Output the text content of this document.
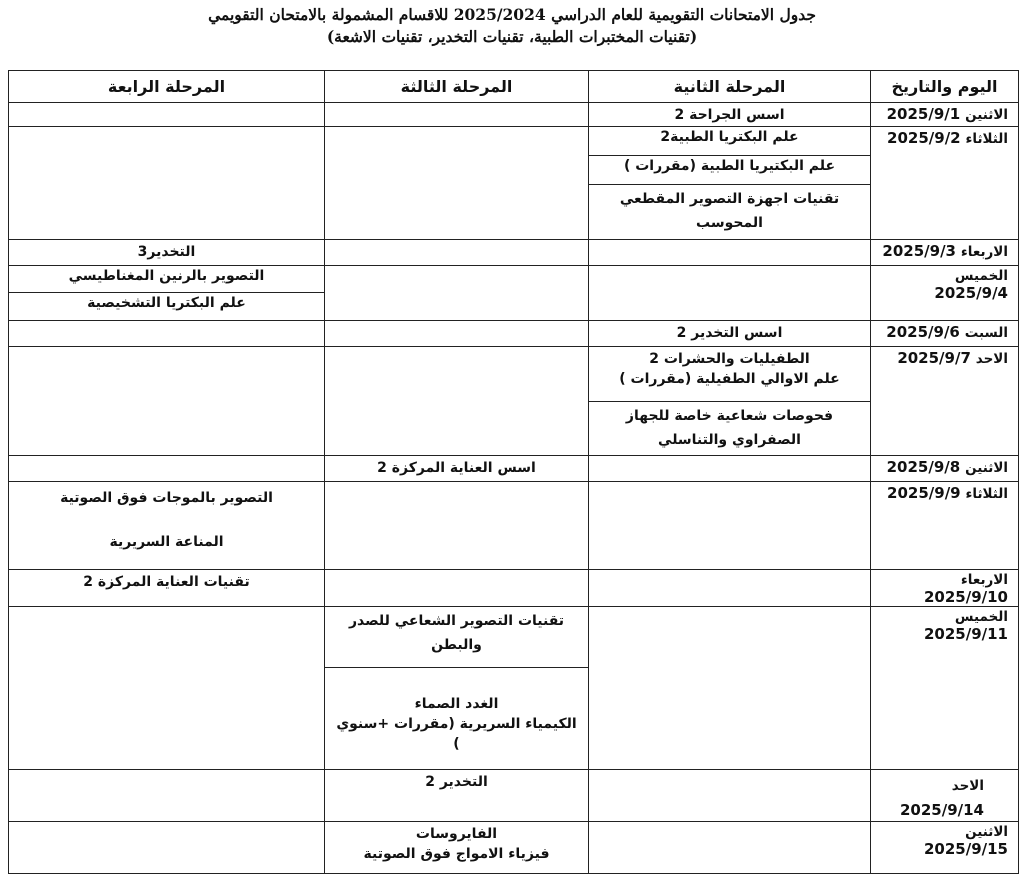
جدول الامتحانات التقويمية للعام الدراسي 2025/2024 للاقسام المشمولة بالامتحان التقويمي
(تقنيات المختبرات الطبية، تقنيات التخدير، تقنيات الاشعة)
اليوم والتاريخ	المرحلة الثانية	المرحلة الثالثة	المرحلة الرابعة
الاثنين 2025/9/1	اسس الجراحة 2		

الثلاثاء 2025/9/2	علم البكتريا الطبية2
علم البكتيريا الطبية (مقررات )
تقنيات اجهزة التصوير المقطعي المحوسب		

الاربعاء 2025/9/3			التخدير3

الخميس 2025/9/4			التصوير بالرنين المغناطيسي
علم البكتريا التشخيصية

السبت 2025/9/6	اسس التخدير 2		

الاحد 2025/9/7	الطفيليات والحشرات 2
علم الاوالي الطفيلية (مقررات )
فحوصات شعاعية خاصة للجهاز الصفراوي والتناسلي		

الاثنين 2025/9/8		اسس العناية المركزة 2	

الثلاثاء 2025/9/9			التصوير بالموجات فوق الصوتية
المناعة السريرية

الاربعاء 2025/9/10			تقنيات العناية المركزة 2

الخميس 2025/9/11		تقنيات التصوير الشعاعي للصدر والبطن
الغدد الصماء
الكيمياء السريرية (مقررات +سنوي )	

الاحد
2025/9/14		التخدير 2	

الاثنين 2025/9/15		الفايروسات
فيزياء الامواج فوق الصوتية	
